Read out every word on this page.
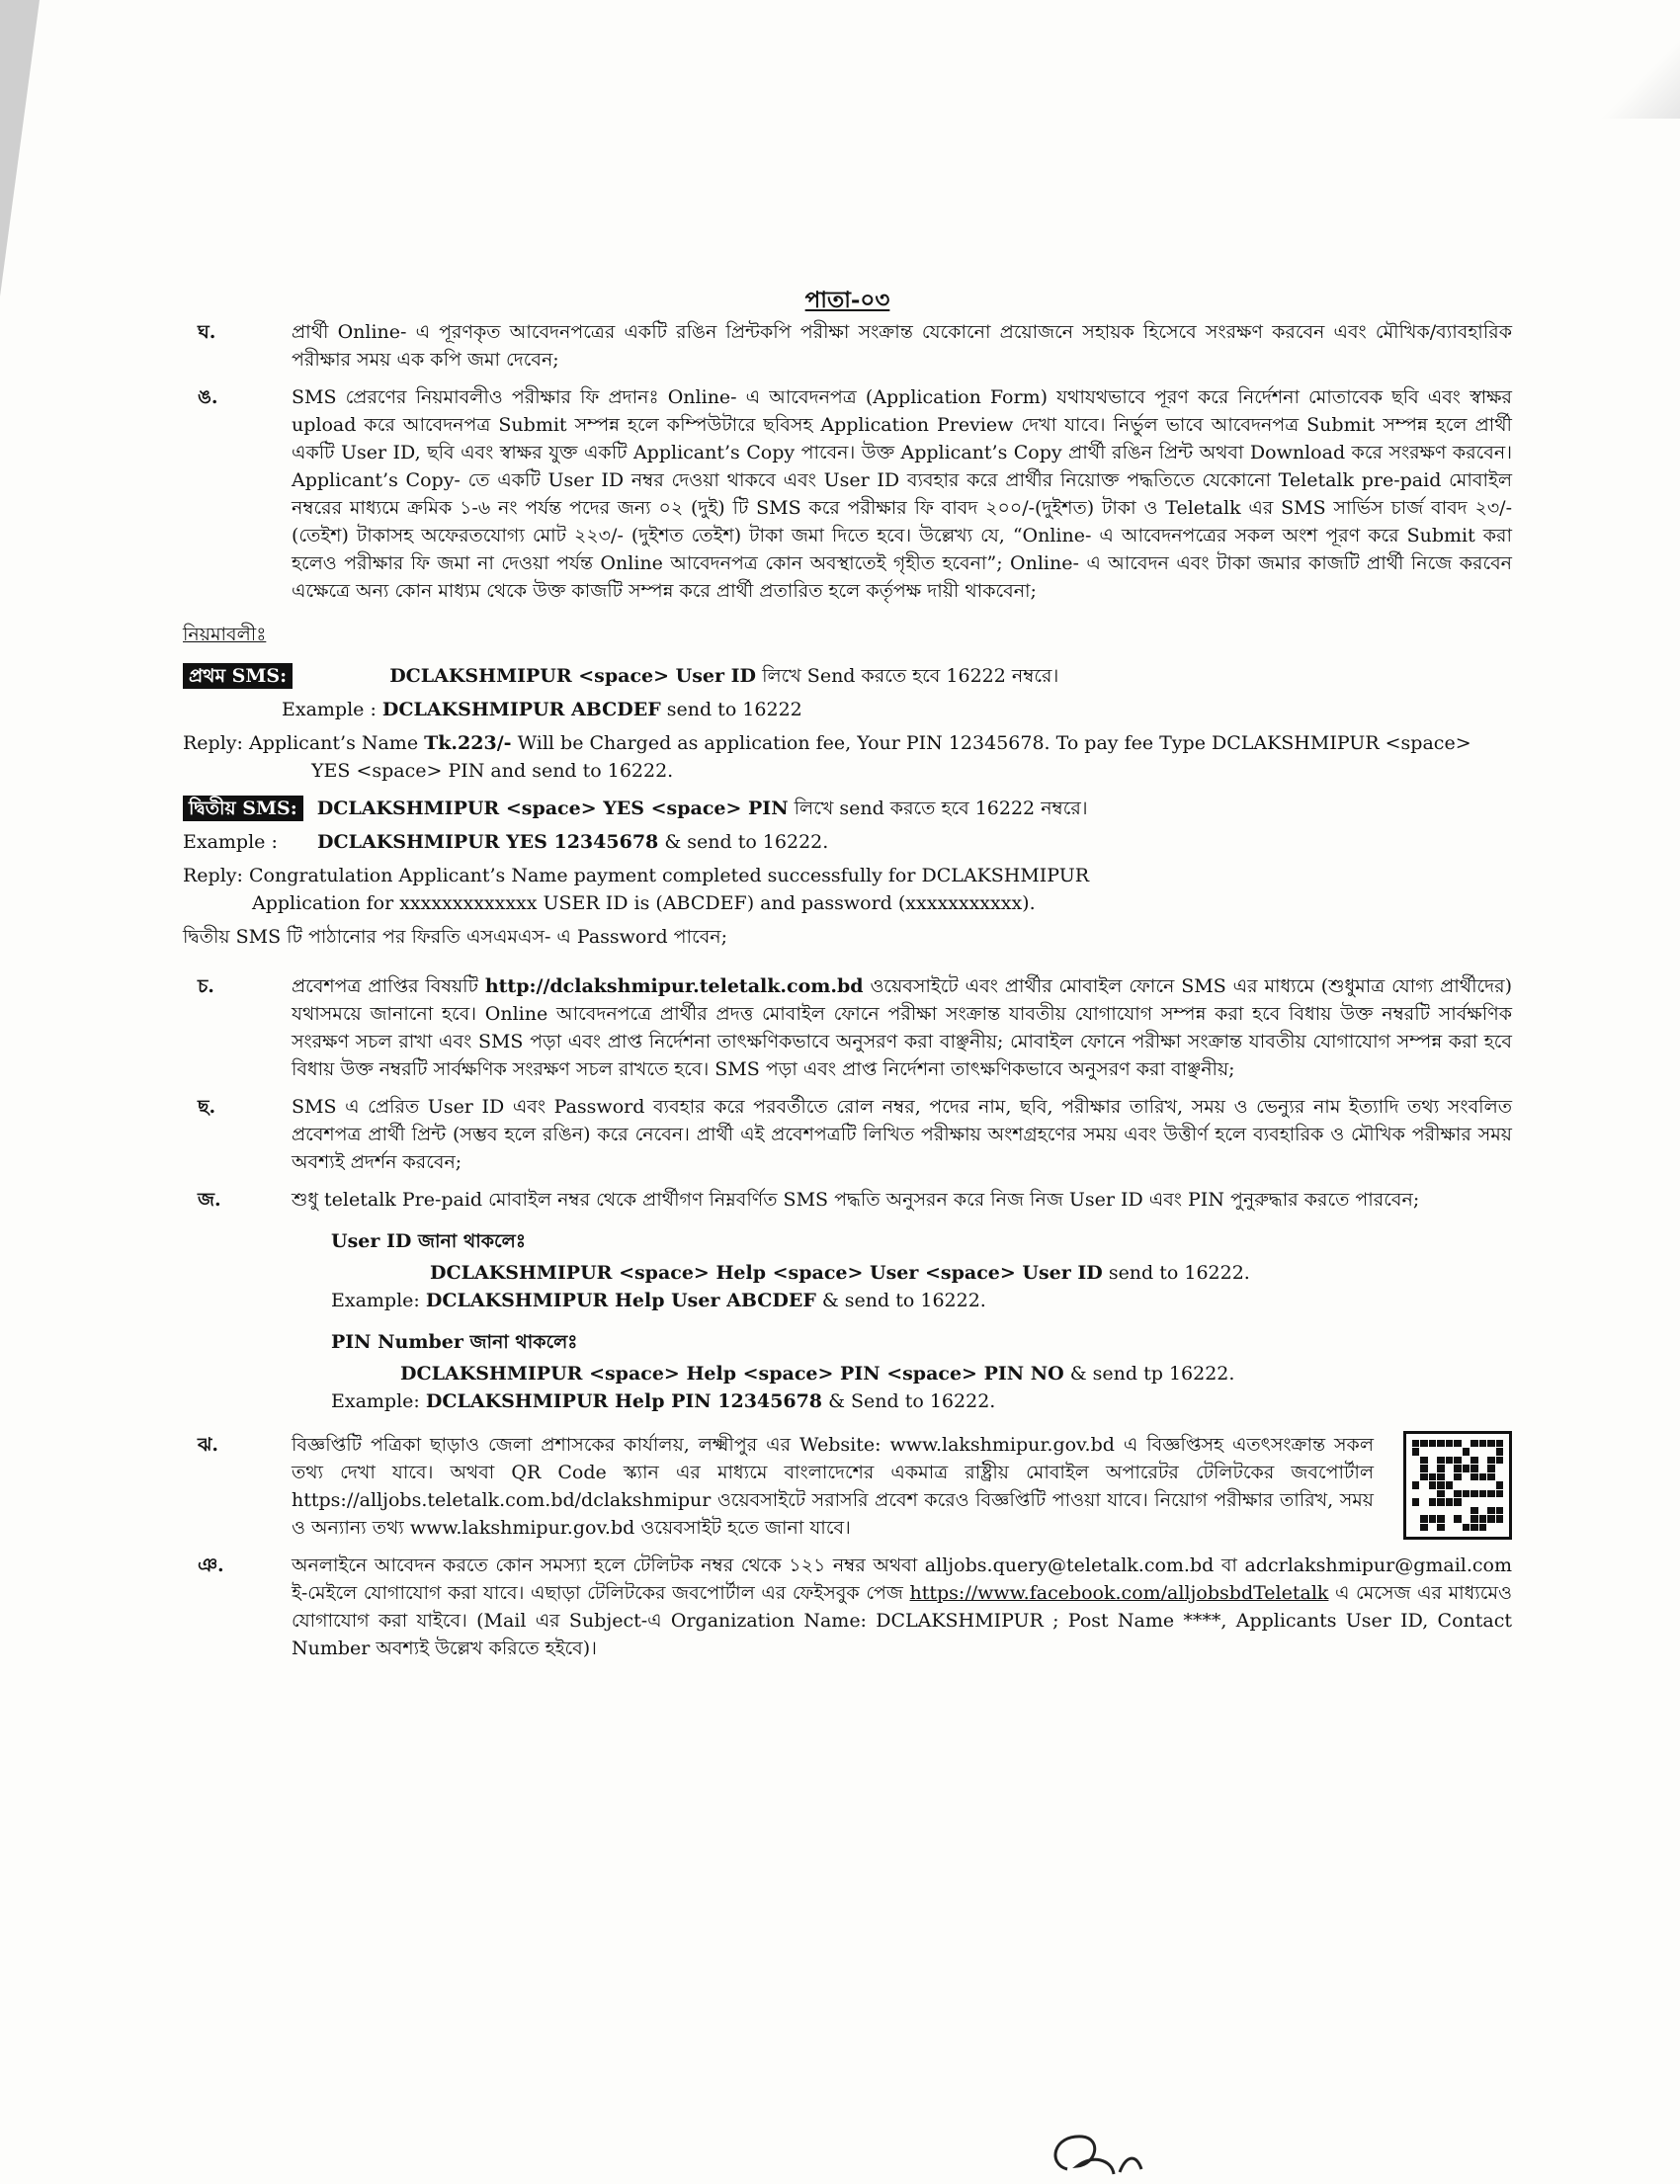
পাতা-০৩
ঘ.	প্রার্থী Online- এ পূরণকৃত আবেদনপত্রের একটি রঙিন প্রিন্টকপি পরীক্ষা সংক্রান্ত যেকোনো প্রয়োজনে সহায়ক হিসেবে সংরক্ষণ করবেন এবং মৌখিক/ব্যাবহারিক পরীক্ষার সময় এক কপি জমা দেবেন;

ঙ.	SMS প্রেরণের নিয়মাবলীও পরীক্ষার ফি প্রদানঃ Online- এ আবেদনপত্র (Application Form) যথাযথভাবে পূরণ করে নির্দেশনা মোতাবেক ছবি এবং স্বাক্ষর upload করে আবেদনপত্র Submit সম্পন্ন হলে কম্পিউটারে ছবিসহ Application Preview দেখা যাবে। নির্ভুল ভাবে আবেদনপত্র Submit সম্পন্ন হলে প্রার্থী একটি User ID, ছবি এবং স্বাক্ষর যুক্ত একটি Applicant’s Copy পাবেন। উক্ত Applicant’s Copy প্রার্থী রঙিন প্রিন্ট অথবা Download করে সংরক্ষণ করবেন। Applicant’s Copy- তে একটি User ID নম্বর দেওয়া থাকবে এবং User ID ব্যবহার করে প্রার্থীর নিয়োক্ত পদ্ধতিতে যেকোনো Teletalk pre-paid মোবাইল নম্বরের মাধ্যমে ক্রমিক ১-৬ নং পর্যন্ত পদের জন্য ০২ (দুই) টি SMS করে পরীক্ষার ফি বাবদ ২০০/-(দুইশত) টাকা ও Teletalk এর SMS সার্ভিস চার্জ বাবদ ২৩/- (তেইশ) টাকাসহ অফেরতযোগ্য মোট ২২৩/- (দুইশত তেইশ) টাকা জমা দিতে হবে। উল্লেখ্য যে, “Online- এ আবেদনপত্রের সকল অংশ পূরণ করে Submit করা হলেও পরীক্ষার ফি জমা না দেওয়া পর্যন্ত Online আবেদনপত্র কোন অবস্থাতেই গৃহীত হবেনা”; Online- এ আবেদন এবং টাকা জমার কাজটি প্রার্থী নিজে করবেন এক্ষেত্রে অন্য কোন মাধ্যম থেকে উক্ত কাজটি সম্পন্ন করে প্রার্থী প্রতারিত হলে কর্তৃপক্ষ দায়ী থাকবেনা;

নিয়মাবলীঃ
প্রথম SMS:	DCLAKSHMIPUR <space> User ID লিখে Send করতে হবে 16222 নম্বরে।
Example : DCLAKSHMIPUR ABCDEF send to 16222
Reply: Applicant’s Name Tk.223/- Will be Charged as application fee, Your PIN 12345678. To pay fee Type DCLAKSHMIPUR <space>
YES <space> PIN and send to 16222.
দ্বিতীয় SMS: DCLAKSHMIPUR <space> YES <space> PIN লিখে send করতে হবে 16222 নম্বরে।
Example : DCLAKSHMIPUR YES 12345678 & send to 16222.
Reply: Congratulation Applicant’s Name payment completed successfully for DCLAKSHMIPUR
Application for xxxxxxxxxxxxx USER ID is (ABCDEF) and password (xxxxxxxxxxx).
দ্বিতীয় SMS টি পাঠানোর পর ফিরতি এসএমএস- এ Password পাবেন;
চ.	প্রবেশপত্র প্রাপ্তির বিষয়টি http://dclakshmipur.teletalk.com.bd ওয়েবসাইটে এবং প্রার্থীর মোবাইল ফোনে SMS এর মাধ্যমে (শুধুমাত্র যোগ্য প্রার্থীদের) যথাসময়ে জানানো হবে। Online আবেদনপত্রে প্রার্থীর প্রদত্ত মোবাইল ফোনে পরীক্ষা সংক্রান্ত যাবতীয় যোগাযোগ সম্পন্ন করা হবে বিধায় উক্ত নম্বরটি সার্বক্ষণিক সংরক্ষণ সচল রাখা এবং SMS পড়া এবং প্রাপ্ত নির্দেশনা তাৎক্ষণিকভাবে অনুসরণ করা বাঞ্ছনীয়; মোবাইল ফোনে পরীক্ষা সংক্রান্ত যাবতীয় যোগাযোগ সম্পন্ন করা হবে বিধায় উক্ত নম্বরটি সার্বক্ষণিক সংরক্ষণ সচল রাখতে হবে। SMS পড়া এবং প্রাপ্ত নির্দেশনা তাৎক্ষণিকভাবে অনুসরণ করা বাঞ্ছনীয়;

ছ.	SMS এ প্রেরিত User ID এবং Password ব্যবহার করে পরবর্তীতে রোল নম্বর, পদের নাম, ছবি, পরীক্ষার তারিখ, সময় ও ভেন্যুর নাম ইত্যাদি তথ্য সংবলিত প্রবেশপত্র প্রার্থী প্রিন্ট (সম্ভব হলে রঙিন) করে নেবেন। প্রার্থী এই প্রবেশপত্রটি লিখিত পরীক্ষায় অংশগ্রহণের সময় এবং উত্তীর্ণ হলে ব্যবহারিক ও মৌখিক পরীক্ষার সময় অবশ্যই প্রদর্শন করবেন;

জ.	শুধু teletalk Pre-paid মোবাইল নম্বর থেকে প্রার্থীগণ নিম্নবর্ণিত SMS পদ্ধতি অনুসরন করে নিজ নিজ User ID এবং PIN পুনুরুদ্ধার করতে পারবেন;

User ID জানা থাকলেঃ
DCLAKSHMIPUR <space> Help <space> User <space> User ID send to 16222.
Example: DCLAKSHMIPUR Help User ABCDEF & send to 16222.
PIN Number জানা থাকলেঃ
DCLAKSHMIPUR <space> Help <space> PIN <space> PIN NO & send tp 16222.
Example: DCLAKSHMIPUR Help PIN 12345678 & Send to 16222.
ঝ.	বিজ্ঞপ্তিটি পত্রিকা ছাড়াও জেলা প্রশাসকের কার্যালয়, লক্ষ্মীপুর এর Website: www.lakshmipur.gov.bd এ বিজ্ঞপ্তিসহ এতৎসংক্রান্ত সকল তথ্য দেখা যাবে। অথবা QR Code স্ক্যান এর মাধ্যমে বাংলাদেশের একমাত্র রাষ্ট্রীয় মোবাইল অপারেটর টেলিটকের জবপোর্টাল https://alljobs.teletalk.com.bd/dclakshmipur ওয়েবসাইটে সরাসরি প্রবেশ করেও বিজ্ঞপ্তিটি পাওয়া যাবে। নিয়োগ পরীক্ষার তারিখ, সময় ও অন্যান্য তথ্য www.lakshmipur.gov.bd ওয়েবসাইট হতে জানা যাবে।

ঞ.	অনলাইনে আবেদন করতে কোন সমস্যা হলে টেলিটক নম্বর থেকে ১২১ নম্বর অথবা alljobs.query@teletalk.com.bd বা adcrlakshmipur@gmail.com ই-মেইলে যোগাযোগ করা যাবে। এছাড়া টেলিটকের জবপোর্টাল এর ফেইসবুক পেজ https://www.facebook.com/alljobsbdTeletalk এ মেসেজ এর মাধ্যমেও যোগাযোগ করা যাইবে। (Mail এর Subject-এ Organization Name: DCLAKSHMIPUR ; Post Name ****, Applicants User ID, Contact Number অবশ্যই উল্লেখ করিতে হইবে)।
